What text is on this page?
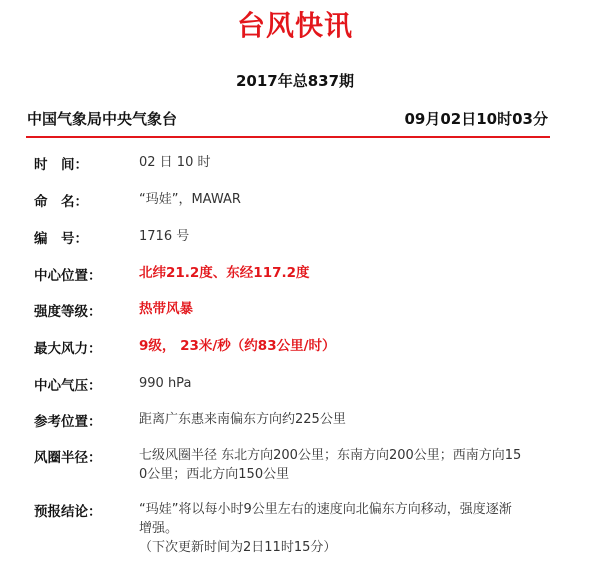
台风快讯
2017年总837期
中国气象局中央气象台	09月02日10时03分
时　间：	02 日 10 时
命　名：	“玛娃”，MAWAR
编　号：	1716 号
中心位置：	北纬21.2度、东经117.2度
强度等级：	热带风暴
最大风力：	9级， 23米/秒（约83公里/时）
中心气压：	990 hPa
参考位置：	距离广东惠来南偏东方向约225公里
风圈半径：	七级风圈半径 东北方向200公里；东南方向200公里；西南方向15
0公里；西北方向150公里
预报结论：	“玛娃”将以每小时9公里左右的速度向北偏东方向移动，强度逐渐
增强。
（下次更新时间为2日11时15分）
